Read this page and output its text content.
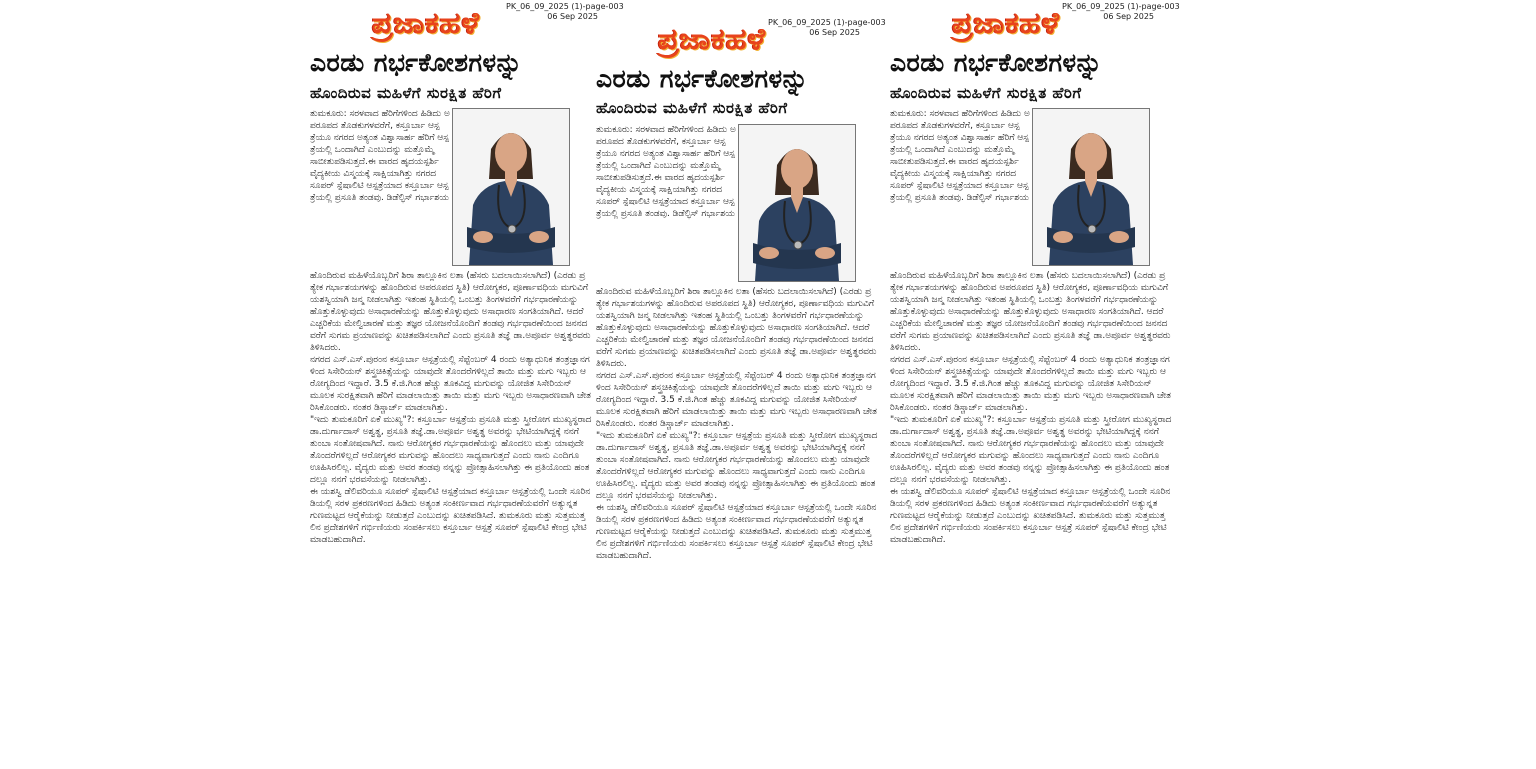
ಪ್ರಜಾಕಹಳೆ	PK_06_09_2025 (1)-page-003
06 Sep 2025
ಎರಡು ಗರ್ಭಕೋಶಗಳನ್ನು
ಹೊಂದಿರುವ ಮಹಿಳೆಗೆ ಸುರಕ್ಷಿತ ಹೆರಿಗೆ

ತುಮಕೂರು: ಸರಳವಾದ ಹೆರಿಗೆಗಳಿಂದ ಹಿಡಿದು ಅಪರೂಪದ ತೊಡಕುಗಳವರೆಗೆ, ಕಸ್ತೂರ್ಬಾ ಆಸ್ಪತ್ರೆಯೂ ನಗರದ ಅತ್ಯಂತ ವಿಶ್ವಾಸಾರ್ಹ ಹೆರಿಗೆ ಆಸ್ಪತ್ರೆಯಲ್ಲಿ ಒಂದಾಗಿದೆ ಎಂಬುದನ್ನು ಮತ್ತೊಮ್ಮೆ ಸಾಬೀತುಪಡಿಸುತ್ತದೆ.ಈ ವಾರದ ಹೃದಯಸ್ಪರ್ಶಿ ವೈದ್ಯಕೀಯ ವಿಸ್ಮಯಕ್ಕೆ ಸಾಕ್ಷಿಯಾಗಿತ್ತು ನಗರದ ಸೂಪರ್ ಸ್ಪೆಷಾಲಿಟಿ ಆಸ್ಪತ್ರೆಯಾದ ಕಸ್ತೂರ್ಬಾ ಆಸ್ಪತ್ರೆಯಲ್ಲಿ ಪ್ರಸೂತಿ ತಂಡವು. ಡಿಡೆಲ್ಫಿಸ್ ಗರ್ಭಾಶಯ

ಹೊಂದಿರುವ ಮಹಿಳೆಯೊಬ್ಬರಿಗೆ ಶಿರಾ ತಾಲ್ಲೂಕಿನ ಲತಾ (ಹೆಸರು ಬದಲಾಯಿಸಲಾಗಿದೆ) (ಎರಡು ಪ್ರತ್ಯೇಕ ಗರ್ಭಾಶಯಗಳನ್ನು ಹೊಂದಿರುವ ಅಪರೂಪದ ಸ್ಥಿತಿ) ಆರೋಗ್ಯಕರ, ಪೂರ್ಣಾವಧಿಯ ಮಗುವಿಗೆ ಯಶಸ್ವಿಯಾಗಿ ಜನ್ಮ ನೀಡಲಾಗಿತ್ತು ಇತಂಹ ಸ್ಥಿತಿಯಲ್ಲಿ ಒಂಬತ್ತು ತಿಂಗಳವರೆಗೆ ಗರ್ಭಧಾರಣೆಯನ್ನು ಹೊತ್ತುಕೊಳ್ಳುವುದು ಅಸಾಧಾರಣೆಯನ್ನು ಹೊತ್ತುಕೊಳ್ಳುವುದು ಅಸಾಧಾರಣ ಸಂಗತಿಯಾಗಿದೆ. ಆದರೆ ಎಚ್ಚರಿಕೆಯ ಮೇಲ್ವಿಚಾರಣೆ ಮತ್ತು ತಜ್ಞರ ಯೋಜನೆಯೊಂದಿಗೆ ತಂಡವು ಗರ್ಭಧಾರಣೆಯಿಂದ ಜನನದವರೆಗೆ ಸುಗಮ ಪ್ರಯಾಣವನ್ನು ಖಚಿತಪಡಿಸಲಾಗಿದೆ ಎಂದು ಪ್ರಸೂತಿ ತಜ್ಞೆ ಡಾ.ಅಪೂರ್ವ ಅಶ್ವತ್ಥರವರು ತಿಳಿಸಿದರು.

ನಗರದ ಎಸ್.ಎಸ್.ಪುರಂನ ಕಸ್ತೂರ್ಬಾ ಆಸ್ಪತ್ರೆಯಲ್ಲಿ ಸೆಪ್ಟೆಂಬರ್ 4 ರಂದು ಅತ್ಯಾಧುನಿಕ ತಂತ್ರಜ್ಞಾನಗಳಿಂದ ಸಿಸೇರಿಯನ್ ಶಸ್ತ್ರಚಿಕಿತ್ಸೆಯನ್ನು ಯಾವುದೇ ತೊಂದರೆಗಳಿಲ್ಲದೆ ತಾಯಿ ಮತ್ತು ಮಗು ಇಬ್ಬರು ಆರೋಗ್ಯದಿಂದ ಇದ್ದಾರೆ. 3.5 ಕೆ.ಜಿ.ಗಿಂತ ಹೆಚ್ಚು ತೂಕವಿದ್ದ ಮಗುವನ್ನು ಯೋಜಿತ ಸಿಸೇರಿಯನ್ ಮೂಲಕ ಸುರಕ್ಷಿತವಾಗಿ ಹೆರಿಗೆ ಮಾಡಲಾಯಿತ್ತು ತಾಯಿ ಮತ್ತು ಮಗು ಇಬ್ಬರು ಅಸಾಧಾರಣವಾಗಿ ಚೇತರಿಸಿಕೊಂಡರು. ನಂತರ ಡಿಸ್ಚಾರ್ಜ್ ಮಾಡಲಾಗಿತ್ತು.

"ಇದು ತುಮಕೂರಿಗೆ ಏಕೆ ಮುಖ್ಯ"?: ಕಸ್ತೂರ್ಬಾ ಆಸ್ಪತ್ರೆಯ ಪ್ರಸೂತಿ ಮತ್ತು ಸ್ತ್ರೀರೋಗ ಮುಖ್ಯಸ್ಥರಾದ ಡಾ.ದುರ್ಗಾದಾಸ್ ಅಶ್ವತ್ಥ, ಪ್ರಸೂತಿ ತಜ್ಞೆ.ಡಾ.ಅಪೂರ್ವ ಅಶ್ವತ್ಥ ಅವರನ್ನು ಭೇಟಿಯಾಗಿದ್ದಕ್ಕೆ ನನಗೆ ತುಂಬಾ ಸಂತೋಷವಾಗಿದೆ. ನಾನು ಆರೋಗ್ಯಕರ ಗರ್ಭಧಾರಣೆಯನ್ನು ಹೊಂದಲು ಮತ್ತು ಯಾವುದೇ ತೊಂದರೆಗಳಿಲ್ಲದೆ ಆರೋಗ್ಯಕರ ಮಗುವನ್ನು ಹೊಂದಲು ಸಾಧ್ಯವಾಗುತ್ತದೆ ಎಂದು ನಾನು ಎಂದಿಗೂ ಊಹಿಸಿರಲಿಲ್ಲ. ವೈದ್ಯರು ಮತ್ತು ಅವರ ತಂಡವು ನನ್ನನ್ನು ಪ್ರೋತ್ಸಾಹಿಸಲಾಗಿತ್ತು ಈ ಪ್ರತಿಯೊಂದು ಹಂತದಲ್ಲೂ ನನಗೆ ಭರವಸೆಯನ್ನು ನೀಡಲಾಗಿತ್ತು.

ಈ ಯಶಸ್ವಿ ಡೆಲಿವರಿಯೂ ಸೂಪರ್ ಸ್ಪೆಷಾಲಿಟಿ ಆಸ್ಪತ್ರೆಯಾದ ಕಸ್ತೂರ್ಬಾ ಆಸ್ಪತ್ರೆಯಲ್ಲಿ ಒಂದೇ ಸೂರಿನಡಿಯಲ್ಲಿ ಸರಳ ಪ್ರಕರಣಗಳಿಂದ ಹಿಡಿದು ಅತ್ಯಂತ ಸಂಕೀರ್ಣವಾದ ಗರ್ಭಧಾರಣೆಯವರೆಗೆ ಅತ್ಯುನ್ನತ ಗುಣಮಟ್ಟದ ಆರೈಕೆಯನ್ನು ನೀಡುತ್ತದೆ ಎಂಬುದನ್ನು ಖಚಿತಪಡಿಸಿದೆ. ತುಮಕೂರು ಮತ್ತು ಸುತ್ತಮುತ್ತಲಿನ ಪ್ರದೇಶಗಳಿಗೆ ಗರ್ಭಿಣಿಯರು ಸಂಪರ್ಕಿಸಲು ಕಸ್ತೂರ್ಬಾ ಆಸ್ಪತ್ರೆ ಸೂಪರ್ ಸ್ಪೆಷಾಲಿಟಿ ಕೇಂದ್ರ ಭೇಟಿ ಮಾಡಬಹುದಾಗಿದೆ.

ಪ್ರಜಾಕಹಳೆ PK_06_09_2025 (1)-page-003
06 Sep 2025
ಎರಡು ಗರ್ಭಕೋಶಗಳನ್ನು
ಹೊಂದಿರುವ ಮಹಿಳೆಗೆ ಸುರಕ್ಷಿತ ಹೆರಿಗೆ

ತುಮಕೂರು: ಸರಳವಾದ ಹೆರಿಗೆಗಳಿಂದ ಹಿಡಿದು ಅಪರೂಪದ ತೊಡಕುಗಳವರೆಗೆ, ಕಸ್ತೂರ್ಬಾ ಆಸ್ಪತ್ರೆಯೂ ನಗರದ ಅತ್ಯಂತ ವಿಶ್ವಾಸಾರ್ಹ ಹೆರಿಗೆ ಆಸ್ಪತ್ರೆಯಲ್ಲಿ ಒಂದಾಗಿದೆ ಎಂಬುದನ್ನು ಮತ್ತೊಮ್ಮೆ ಸಾಬೀತುಪಡಿಸುತ್ತದೆ.ಈ ವಾರದ ಹೃದಯಸ್ಪರ್ಶಿ ವೈದ್ಯಕೀಯ ವಿಸ್ಮಯಕ್ಕೆ ಸಾಕ್ಷಿಯಾಗಿತ್ತು ನಗರದ ಸೂಪರ್ ಸ್ಪೆಷಾಲಿಟಿ ಆಸ್ಪತ್ರೆಯಾದ ಕಸ್ತೂರ್ಬಾ ಆಸ್ಪತ್ರೆಯಲ್ಲಿ ಪ್ರಸೂತಿ ತಂಡವು. ಡಿಡೆಲ್ಫಿಸ್ ಗರ್ಭಾಶಯ

ಹೊಂದಿರುವ ಮಹಿಳೆಯೊಬ್ಬರಿಗೆ ಶಿರಾ ತಾಲ್ಲೂಕಿನ ಲತಾ (ಹೆಸರು ಬದಲಾಯಿಸಲಾಗಿದೆ) (ಎರಡು ಪ್ರತ್ಯೇಕ ಗರ್ಭಾಶಯಗಳನ್ನು ಹೊಂದಿರುವ ಅಪರೂಪದ ಸ್ಥಿತಿ) ಆರೋಗ್ಯಕರ, ಪೂರ್ಣಾವಧಿಯ ಮಗುವಿಗೆ ಯಶಸ್ವಿಯಾಗಿ ಜನ್ಮ ನೀಡಲಾಗಿತ್ತು ಇತಂಹ ಸ್ಥಿತಿಯಲ್ಲಿ ಒಂಬತ್ತು ತಿಂಗಳವರೆಗೆ ಗರ್ಭಧಾರಣೆಯನ್ನು ಹೊತ್ತುಕೊಳ್ಳುವುದು ಅಸಾಧಾರಣೆಯನ್ನು ಹೊತ್ತುಕೊಳ್ಳುವುದು ಅಸಾಧಾರಣ ಸಂಗತಿಯಾಗಿದೆ. ಆದರೆ ಎಚ್ಚರಿಕೆಯ ಮೇಲ್ವಿಚಾರಣೆ ಮತ್ತು ತಜ್ಞರ ಯೋಜನೆಯೊಂದಿಗೆ ತಂಡವು ಗರ್ಭಧಾರಣೆಯಿಂದ ಜನನದವರೆಗೆ ಸುಗಮ ಪ್ರಯಾಣವನ್ನು ಖಚಿತಪಡಿಸಲಾಗಿದೆ ಎಂದು ಪ್ರಸೂತಿ ತಜ್ಞೆ ಡಾ.ಅಪೂರ್ವ ಅಶ್ವತ್ಥರವರು ತಿಳಿಸಿದರು.

ನಗರದ ಎಸ್.ಎಸ್.ಪುರಂನ ಕಸ್ತೂರ್ಬಾ ಆಸ್ಪತ್ರೆಯಲ್ಲಿ ಸೆಪ್ಟೆಂಬರ್ 4 ರಂದು ಅತ್ಯಾಧುನಿಕ ತಂತ್ರಜ್ಞಾನಗಳಿಂದ ಸಿಸೇರಿಯನ್ ಶಸ್ತ್ರಚಿಕಿತ್ಸೆಯನ್ನು ಯಾವುದೇ ತೊಂದರೆಗಳಿಲ್ಲದೆ ತಾಯಿ ಮತ್ತು ಮಗು ಇಬ್ಬರು ಆರೋಗ್ಯದಿಂದ ಇದ್ದಾರೆ. 3.5 ಕೆ.ಜಿ.ಗಿಂತ ಹೆಚ್ಚು ತೂಕವಿದ್ದ ಮಗುವನ್ನು ಯೋಜಿತ ಸಿಸೇರಿಯನ್ ಮೂಲಕ ಸುರಕ್ಷಿತವಾಗಿ ಹೆರಿಗೆ ಮಾಡಲಾಯಿತ್ತು ತಾಯಿ ಮತ್ತು ಮಗು ಇಬ್ಬರು ಅಸಾಧಾರಣವಾಗಿ ಚೇತರಿಸಿಕೊಂಡರು. ನಂತರ ಡಿಸ್ಚಾರ್ಜ್ ಮಾಡಲಾಗಿತ್ತು.

"ಇದು ತುಮಕೂರಿಗೆ ಏಕೆ ಮುಖ್ಯ"?: ಕಸ್ತೂರ್ಬಾ ಆಸ್ಪತ್ರೆಯ ಪ್ರಸೂತಿ ಮತ್ತು ಸ್ತ್ರೀರೋಗ ಮುಖ್ಯಸ್ಥರಾದ ಡಾ.ದುರ್ಗಾದಾಸ್ ಅಶ್ವತ್ಥ, ಪ್ರಸೂತಿ ತಜ್ಞೆ.ಡಾ.ಅಪೂರ್ವ ಅಶ್ವತ್ಥ ಅವರನ್ನು ಭೇಟಿಯಾಗಿದ್ದಕ್ಕೆ ನನಗೆ ತುಂಬಾ ಸಂತೋಷವಾಗಿದೆ. ನಾನು ಆರೋಗ್ಯಕರ ಗರ್ಭಧಾರಣೆಯನ್ನು ಹೊಂದಲು ಮತ್ತು ಯಾವುದೇ ತೊಂದರೆಗಳಿಲ್ಲದೆ ಆರೋಗ್ಯಕರ ಮಗುವನ್ನು ಹೊಂದಲು ಸಾಧ್ಯವಾಗುತ್ತದೆ ಎಂದು ನಾನು ಎಂದಿಗೂ ಊಹಿಸಿರಲಿಲ್ಲ. ವೈದ್ಯರು ಮತ್ತು ಅವರ ತಂಡವು ನನ್ನನ್ನು ಪ್ರೋತ್ಸಾಹಿಸಲಾಗಿತ್ತು ಈ ಪ್ರತಿಯೊಂದು ಹಂತದಲ್ಲೂ ನನಗೆ ಭರವಸೆಯನ್ನು ನೀಡಲಾಗಿತ್ತು.

ಈ ಯಶಸ್ವಿ ಡೆಲಿವರಿಯೂ ಸೂಪರ್ ಸ್ಪೆಷಾಲಿಟಿ ಆಸ್ಪತ್ರೆಯಾದ ಕಸ್ತೂರ್ಬಾ ಆಸ್ಪತ್ರೆಯಲ್ಲಿ ಒಂದೇ ಸೂರಿನಡಿಯಲ್ಲಿ ಸರಳ ಪ್ರಕರಣಗಳಿಂದ ಹಿಡಿದು ಅತ್ಯಂತ ಸಂಕೀರ್ಣವಾದ ಗರ್ಭಧಾರಣೆಯವರೆಗೆ ಅತ್ಯುನ್ನತ ಗುಣಮಟ್ಟದ ಆರೈಕೆಯನ್ನು ನೀಡುತ್ತದೆ ಎಂಬುದನ್ನು ಖಚಿತಪಡಿಸಿದೆ. ತುಮಕೂರು ಮತ್ತು ಸುತ್ತಮುತ್ತಲಿನ ಪ್ರದೇಶಗಳಿಗೆ ಗರ್ಭಿಣಿಯರು ಸಂಪರ್ಕಿಸಲು ಕಸ್ತೂರ್ಬಾ ಆಸ್ಪತ್ರೆ ಸೂಪರ್ ಸ್ಪೆಷಾಲಿಟಿ ಕೇಂದ್ರ ಭೇಟಿ ಮಾಡಬಹುದಾಗಿದೆ.

ಪ್ರಜಾಕಹಳೆ PK_06_09_2025 (1)-page-003
06 Sep 2025
ಎರಡು ಗರ್ಭಕೋಶಗಳನ್ನು
ಹೊಂದಿರುವ ಮಹಿಳೆಗೆ ಸುರಕ್ಷಿತ ಹೆರಿಗೆ

ತುಮಕೂರು: ಸರಳವಾದ ಹೆರಿಗೆಗಳಿಂದ ಹಿಡಿದು ಅಪರೂಪದ ತೊಡಕುಗಳವರೆಗೆ, ಕಸ್ತೂರ್ಬಾ ಆಸ್ಪತ್ರೆಯೂ ನಗರದ ಅತ್ಯಂತ ವಿಶ್ವಾಸಾರ್ಹ ಹೆರಿಗೆ ಆಸ್ಪತ್ರೆಯಲ್ಲಿ ಒಂದಾಗಿದೆ ಎಂಬುದನ್ನು ಮತ್ತೊಮ್ಮೆ ಸಾಬೀತುಪಡಿಸುತ್ತದೆ.ಈ ವಾರದ ಹೃದಯಸ್ಪರ್ಶಿ ವೈದ್ಯಕೀಯ ವಿಸ್ಮಯಕ್ಕೆ ಸಾಕ್ಷಿಯಾಗಿತ್ತು ನಗರದ ಸೂಪರ್ ಸ್ಪೆಷಾಲಿಟಿ ಆಸ್ಪತ್ರೆಯಾದ ಕಸ್ತೂರ್ಬಾ ಆಸ್ಪತ್ರೆಯಲ್ಲಿ ಪ್ರಸೂತಿ ತಂಡವು. ಡಿಡೆಲ್ಫಿಸ್ ಗರ್ಭಾಶಯ

ಹೊಂದಿರುವ ಮಹಿಳೆಯೊಬ್ಬರಿಗೆ ಶಿರಾ ತಾಲ್ಲೂಕಿನ ಲತಾ (ಹೆಸರು ಬದಲಾಯಿಸಲಾಗಿದೆ) (ಎರಡು ಪ್ರತ್ಯೇಕ ಗರ್ಭಾಶಯಗಳನ್ನು ಹೊಂದಿರುವ ಅಪರೂಪದ ಸ್ಥಿತಿ) ಆರೋಗ್ಯಕರ, ಪೂರ್ಣಾವಧಿಯ ಮಗುವಿಗೆ ಯಶಸ್ವಿಯಾಗಿ ಜನ್ಮ ನೀಡಲಾಗಿತ್ತು ಇತಂಹ ಸ್ಥಿತಿಯಲ್ಲಿ ಒಂಬತ್ತು ತಿಂಗಳವರೆಗೆ ಗರ್ಭಧಾರಣೆಯನ್ನು ಹೊತ್ತುಕೊಳ್ಳುವುದು ಅಸಾಧಾರಣೆಯನ್ನು ಹೊತ್ತುಕೊಳ್ಳುವುದು ಅಸಾಧಾರಣ ಸಂಗತಿಯಾಗಿದೆ. ಆದರೆ ಎಚ್ಚರಿಕೆಯ ಮೇಲ್ವಿಚಾರಣೆ ಮತ್ತು ತಜ್ಞರ ಯೋಜನೆಯೊಂದಿಗೆ ತಂಡವು ಗರ್ಭಧಾರಣೆಯಿಂದ ಜನನದವರೆಗೆ ಸುಗಮ ಪ್ರಯಾಣವನ್ನು ಖಚಿತಪಡಿಸಲಾಗಿದೆ ಎಂದು ಪ್ರಸೂತಿ ತಜ್ಞೆ ಡಾ.ಅಪೂರ್ವ ಅಶ್ವತ್ಥರವರು ತಿಳಿಸಿದರು.

ನಗರದ ಎಸ್.ಎಸ್.ಪುರಂನ ಕಸ್ತೂರ್ಬಾ ಆಸ್ಪತ್ರೆಯಲ್ಲಿ ಸೆಪ್ಟೆಂಬರ್ 4 ರಂದು ಅತ್ಯಾಧುನಿಕ ತಂತ್ರಜ್ಞಾನಗಳಿಂದ ಸಿಸೇರಿಯನ್ ಶಸ್ತ್ರಚಿಕಿತ್ಸೆಯನ್ನು ಯಾವುದೇ ತೊಂದರೆಗಳಿಲ್ಲದೆ ತಾಯಿ ಮತ್ತು ಮಗು ಇಬ್ಬರು ಆರೋಗ್ಯದಿಂದ ಇದ್ದಾರೆ. 3.5 ಕೆ.ಜಿ.ಗಿಂತ ಹೆಚ್ಚು ತೂಕವಿದ್ದ ಮಗುವನ್ನು ಯೋಜಿತ ಸಿಸೇರಿಯನ್ ಮೂಲಕ ಸುರಕ್ಷಿತವಾಗಿ ಹೆರಿಗೆ ಮಾಡಲಾಯಿತ್ತು ತಾಯಿ ಮತ್ತು ಮಗು ಇಬ್ಬರು ಅಸಾಧಾರಣವಾಗಿ ಚೇತರಿಸಿಕೊಂಡರು. ನಂತರ ಡಿಸ್ಚಾರ್ಜ್ ಮಾಡಲಾಗಿತ್ತು.

"ಇದು ತುಮಕೂರಿಗೆ ಏಕೆ ಮುಖ್ಯ"?: ಕಸ್ತೂರ್ಬಾ ಆಸ್ಪತ್ರೆಯ ಪ್ರಸೂತಿ ಮತ್ತು ಸ್ತ್ರೀರೋಗ ಮುಖ್ಯಸ್ಥರಾದ ಡಾ.ದುರ್ಗಾದಾಸ್ ಅಶ್ವತ್ಥ, ಪ್ರಸೂತಿ ತಜ್ಞೆ.ಡಾ.ಅಪೂರ್ವ ಅಶ್ವತ್ಥ ಅವರನ್ನು ಭೇಟಿಯಾಗಿದ್ದಕ್ಕೆ ನನಗೆ ತುಂಬಾ ಸಂತೋಷವಾಗಿದೆ. ನಾನು ಆರೋಗ್ಯಕರ ಗರ್ಭಧಾರಣೆಯನ್ನು ಹೊಂದಲು ಮತ್ತು ಯಾವುದೇ ತೊಂದರೆಗಳಿಲ್ಲದೆ ಆರೋಗ್ಯಕರ ಮಗುವನ್ನು ಹೊಂದಲು ಸಾಧ್ಯವಾಗುತ್ತದೆ ಎಂದು ನಾನು ಎಂದಿಗೂ ಊಹಿಸಿರಲಿಲ್ಲ. ವೈದ್ಯರು ಮತ್ತು ಅವರ ತಂಡವು ನನ್ನನ್ನು ಪ್ರೋತ್ಸಾಹಿಸಲಾಗಿತ್ತು ಈ ಪ್ರತಿಯೊಂದು ಹಂತದಲ್ಲೂ ನನಗೆ ಭರವಸೆಯನ್ನು ನೀಡಲಾಗಿತ್ತು.

ಈ ಯಶಸ್ವಿ ಡೆಲಿವರಿಯೂ ಸೂಪರ್ ಸ್ಪೆಷಾಲಿಟಿ ಆಸ್ಪತ್ರೆಯಾದ ಕಸ್ತೂರ್ಬಾ ಆಸ್ಪತ್ರೆಯಲ್ಲಿ ಒಂದೇ ಸೂರಿನಡಿಯಲ್ಲಿ ಸರಳ ಪ್ರಕರಣಗಳಿಂದ ಹಿಡಿದು ಅತ್ಯಂತ ಸಂಕೀರ್ಣವಾದ ಗರ್ಭಧಾರಣೆಯವರೆಗೆ ಅತ್ಯುನ್ನತ ಗುಣಮಟ್ಟದ ಆರೈಕೆಯನ್ನು ನೀಡುತ್ತದೆ ಎಂಬುದನ್ನು ಖಚಿತಪಡಿಸಿದೆ. ತುಮಕೂರು ಮತ್ತು ಸುತ್ತಮುತ್ತಲಿನ ಪ್ರದೇಶಗಳಿಗೆ ಗರ್ಭಿಣಿಯರು ಸಂಪರ್ಕಿಸಲು ಕಸ್ತೂರ್ಬಾ ಆಸ್ಪತ್ರೆ ಸೂಪರ್ ಸ್ಪೆಷಾಲಿಟಿ ಕೇಂದ್ರ ಭೇಟಿ ಮಾಡಬಹುದಾಗಿದೆ.
